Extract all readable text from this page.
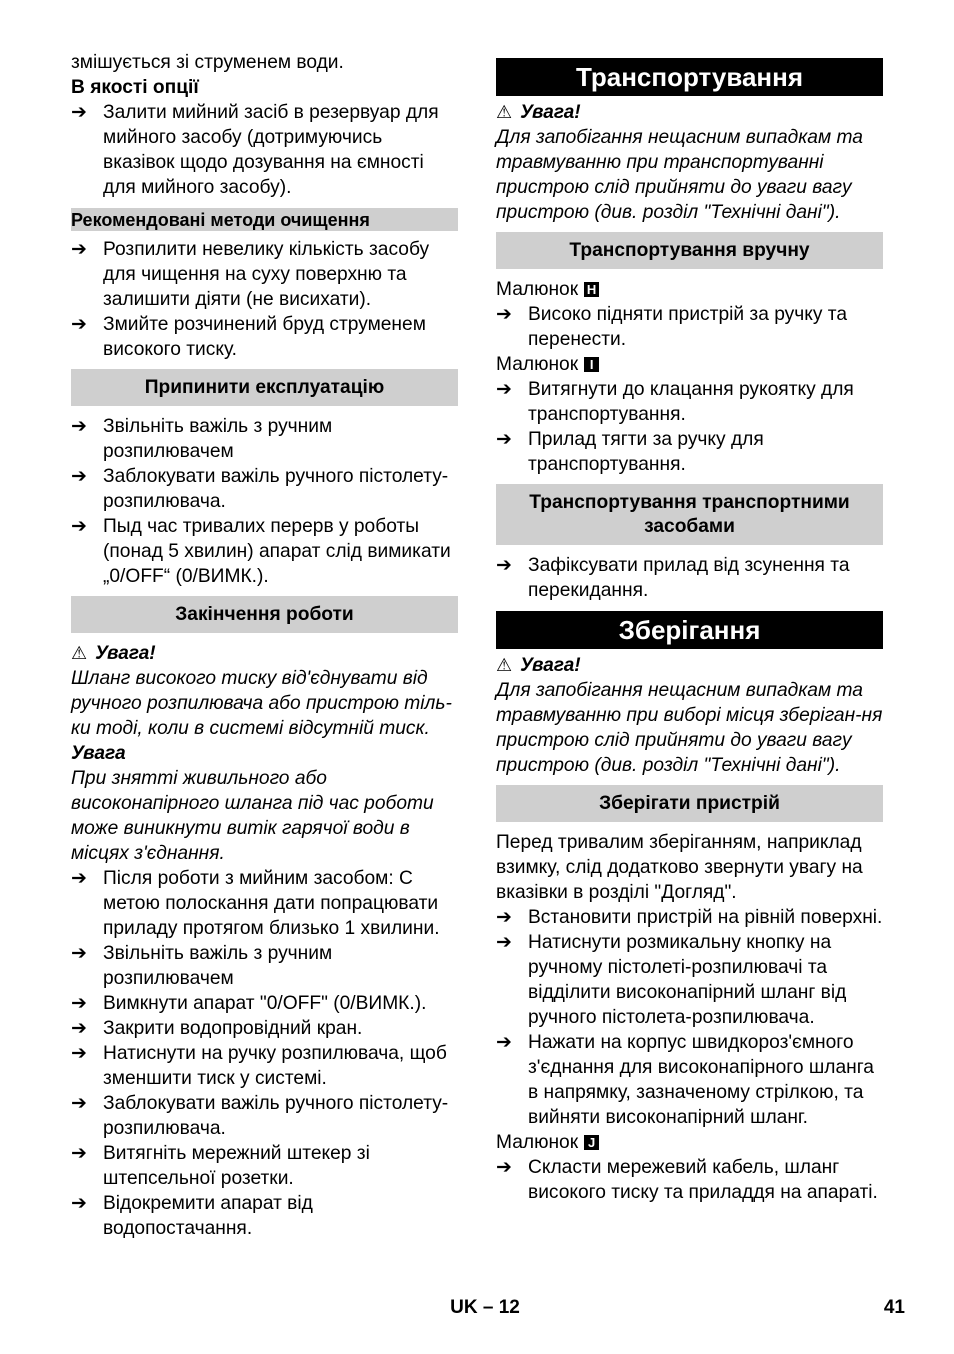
змішується зі струменем води.

В якості опції

➔ Залити мийний засіб в резервуар для мийного засобу (дотримуючись вказівок щодо дозування на ємності для мийного засобу).
Рекомендовані методи очищення
➔ Розпилити невелику кількість засобу для чищення на суху поверхню та залишити діяти (не висихати).
➔ Змийте розчинений бруд струменем високого тиску.
Припинити експлуатацію
➔ Звільніть важіль з ручним розпилювачем
➔ Заблокувати важіль ручного пістолету-розпилювача.
➔ Пыд час тривалих перерв у роботы (понад 5 хвилин) апарат слід вимикати „0/OFF“ (0/ВИМК.).
Закінчення роботи
⚠ Увага!

Шланг високого тиску від'єднувати від ручного розпилювача або пристрою тіль-ки тоді, коли в системі відсутній тиск.

Увага

При знятті живильного або високонапірного шланга під час роботи може виникнути витік гарячої води в місцях з'єднання.

➔ Після роботи з мийним засобом: С метою полоскання дати попрацювати приладу протягом близько 1 хвилини.
➔ Звільніть важіль з ручним розпилювачем
➔ Вимкнути апарат "0/OFF" (0/ВИМК.).
➔ Закрити водопровідний кран.
➔ Натиснути на ручку розпилювача, щоб зменшити тиск у системі.
➔ Заблокувати важіль ручного пістолету-розпилювача.
➔ Витягніть мережний штекер зі штепсельної розетки.
➔ Відокремити апарат від водопостачання.
Транспортування
⚠ Увага!

Для запобігання нещасним випадкам та травмуванню при транспортуванні пристрою слід прийняти до уваги вагу пристрою (див. розділ "Технічні дані").

Транспортування вручну

Малюнок H

➔ Високо підняти пристрій за ручку та перенести.

Малюнок I

➔ Витягнути до клацання рукоятку для транспортування.
➔ Прилад тягти за ручку для транспортування.
Транспортування транспортними засобами
➔ Зафіксувати прилад від зсунення та перекидання.
Зберігання
⚠ Увага!

Для запобігання нещасним випадкам та травмуванню при виборі місця зберіган-ня пристрою слід прийняти до уваги вагу пристрою (див. розділ "Технічні дані").

Зберігати пристрій

Перед тривалим зберіганням, наприклад взимку, слід додатково звернути увагу на вказівки в розділі "Догляд".

➔ Встановити пристрій на рівній поверхні.
➔ Натиснути розмикальну кнопку на ручному пістолеті-розпилювачі та відділити високонапірний шланг від ручного пістолета-розпилювача.
➔ Нажати на корпус швидкороз'ємного з'єднання для високонапірного шланга в напрямку, зазначеному стрілкою, та вийняти високонапірний шланг.

Малюнок J

➔ Скласти мережевий кабель, шланг високого тиску та приладдя на апараті.
UK – 12	41
